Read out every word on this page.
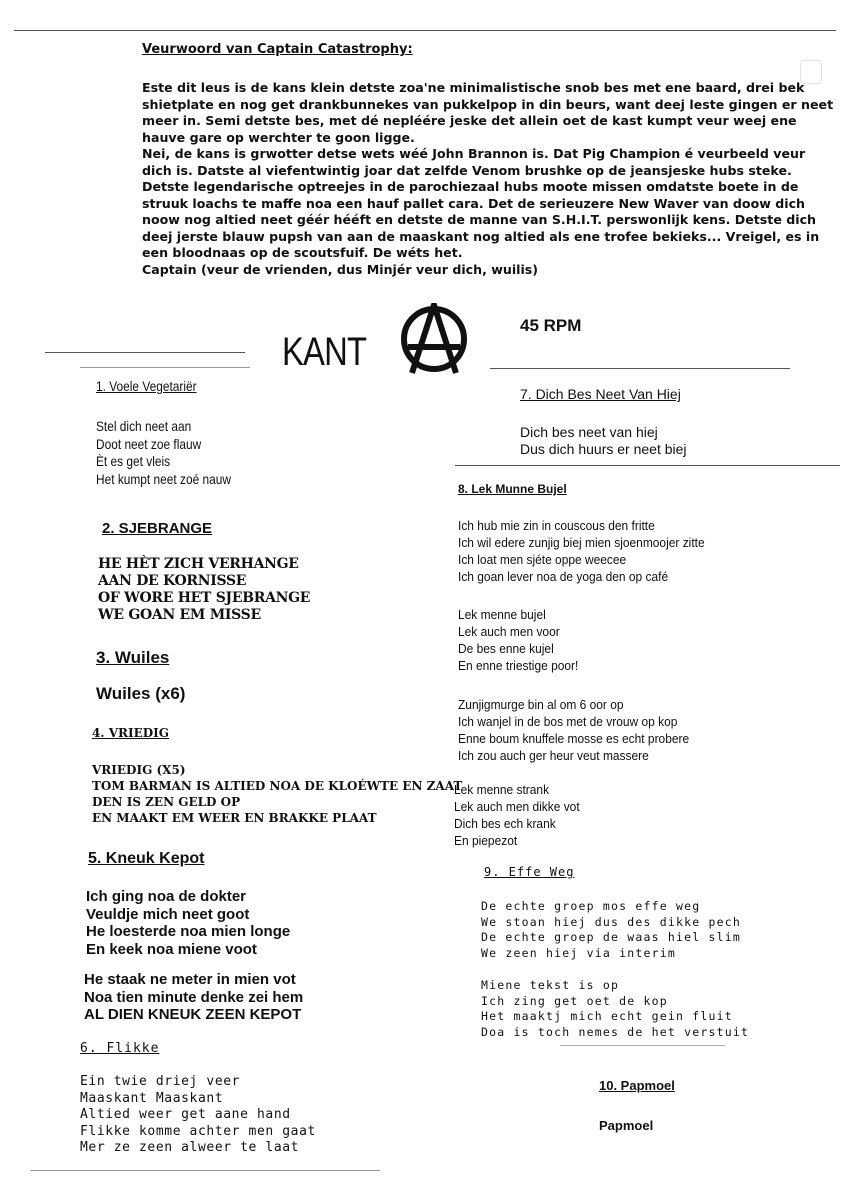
Veurwoord van Captain Catastrophy:
Este dit leus is de kans klein detste zoa'ne minimalistische snob bes met ene baard, drei bek
shietplate en nog get drankbunnekes van pukkelpop in din beurs, want deej leste gingen er neet
meer in. Semi detste bes, met dé nepléére jeske det allein oet de kast kumpt veur weej ene
hauve gare op werchter te goon ligge.
Nei, de kans is grwotter detse wets wéé John Brannon is. Dat Pig Champion é veurbeeld veur
dich is. Datste al viefentwintig joar dat zelfde Venom brushke op de jeansjeske hubs steke.
Detste legendarische optreejes in de parochiezaal hubs moote missen omdatste boete in de
struuk loachs te maffe noa een hauf pallet cara. Det de serieuzere New Waver van doow dich
noow nog altied neet géér hééft en detste de manne van S.H.I.T. perswonlijk kens. Detste dich
deej jerste blauw pupsh van aan de maaskant nog altied als ene trofee bekieks... Vreigel, es in
een bloodnaas op de scoutsfuif. De wéts het.
Captain (veur de vrienden, dus Minjér veur dich, wuilis)
KANT
45 RPM
1. Voele Vegetariër
Stel dich neet aan
Doot neet zoe flauw
Èt es get vleis
Het kumpt neet zoé nauw
2. SJEBRANGE
HE HÈT ZICH VERHANGE
AAN DE KORNISSE
OF WORE HET SJEBRANGE
WE GOAN EM MISSE
3. Wuiles
Wuiles (x6)
4. VRIEDIG
VRIEDIG (X5)
TOM BARMAN IS ALTIED NOA DE KLOÉWTE EN ZAAT
DEN IS ZEN GELD OP
EN MAAKT EM WEER EN BRAKKE PLAAT
5. Kneuk Kepot
Ich ging noa de dokter
Veuldje mich neet goot
He loesterde noa mien longe
En keek noa miene voot
He staak ne meter in mien vot
Noa tien minute denke zei hem
AL DIEN KNEUK ZEEN KEPOT
6. Flikke
Ein twie driej veer
Maaskant Maaskant
Altied weer get aane hand
Flikke komme achter men gaat
Mer ze zeen alweer te laat
7. Dich Bes Neet Van Hiej
Dich bes neet van hiej
Dus dich huurs er neet biej
8. Lek Munne Bujel
Ich hub mie zin in couscous den fritte
Ich wil edere zunjig biej mien sjoenmoojer zitte
Ich loat men sjéte oppe weecee
Ich goan lever noa de yoga den op café
Lek menne bujel
Lek auch men voor
De bes enne kujel
En enne triestige poor!
Zunjigmurge bin al om 6 oor op
Ich wanjel in de bos met de vrouw op kop
Enne boum knuffele mosse es echt probere
Ich zou auch ger heur veut massere
Lek menne strank
Lek auch men dikke vot
Dich bes ech krank
En piepezot
9. Effe Weg
De echte groep mos effe weg
We stoan hiej dus des dikke pech
De echte groep de waas hiel slim
We zeen hiej via interim
Miene tekst is op
Ich zing get oet de kop
Het maaktj mich echt gein fluit
Doa is toch nemes de het verstuit
10. Papmoel
Papmoel
